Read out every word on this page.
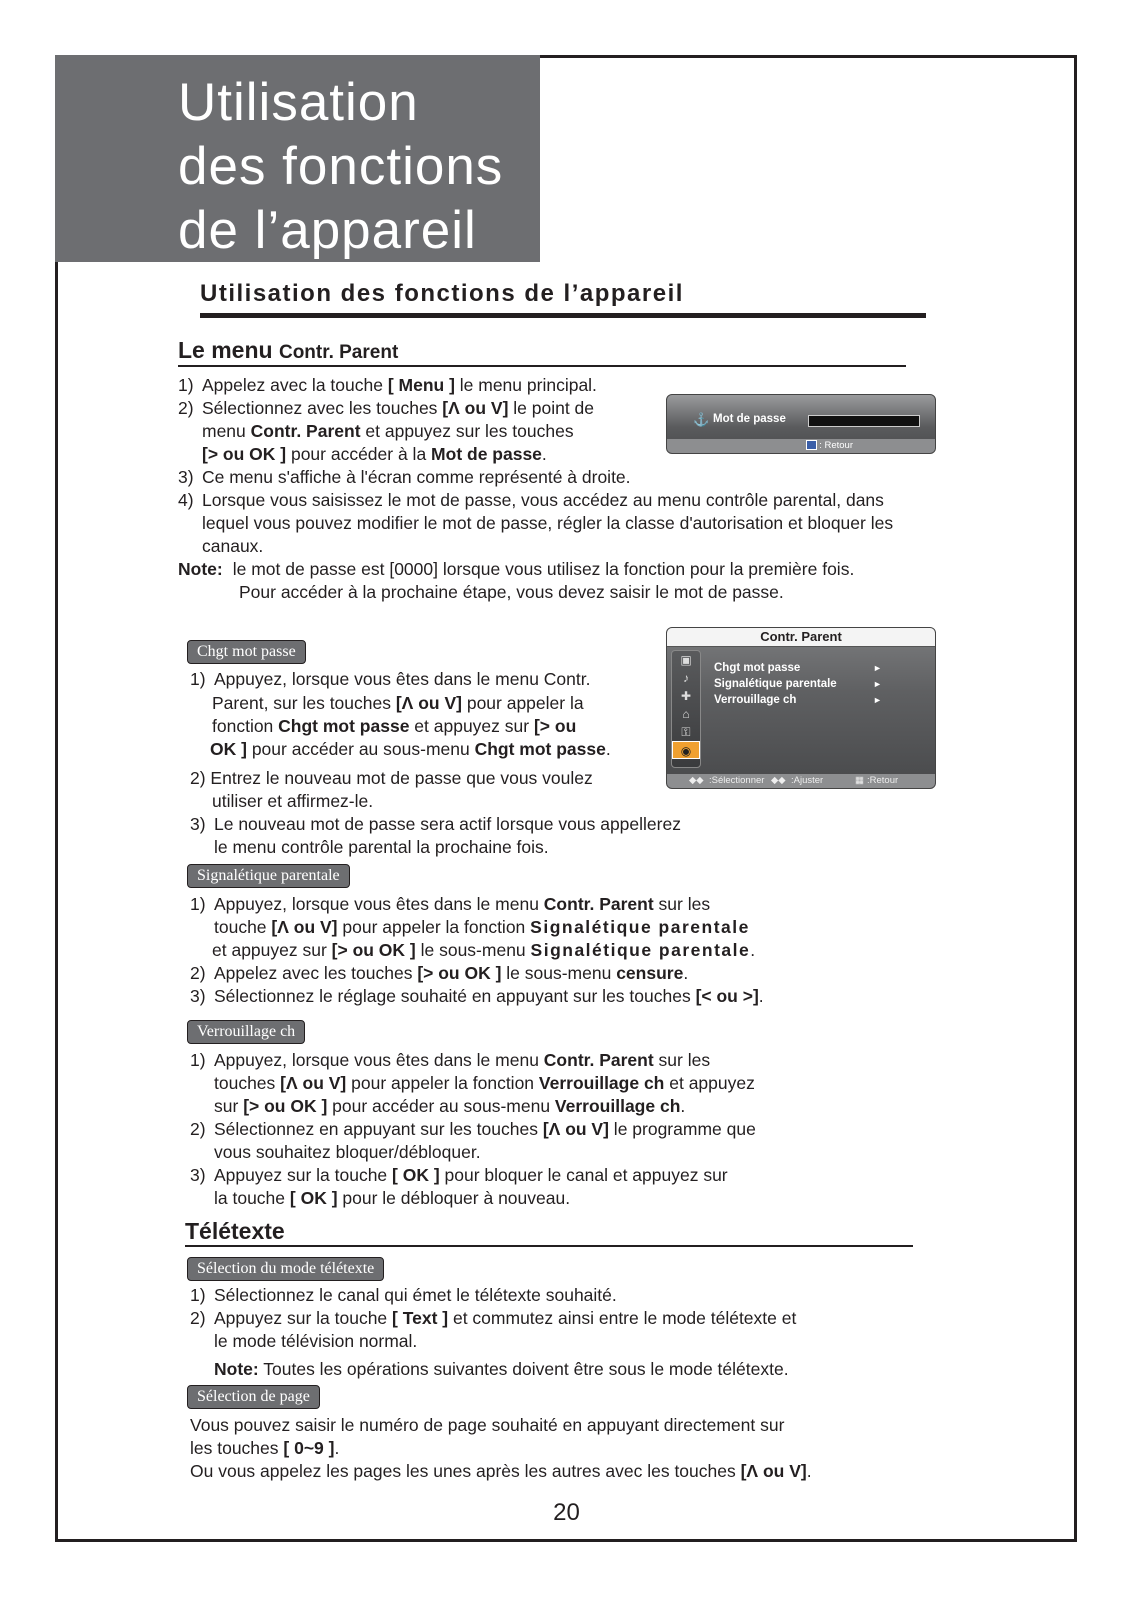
Utilisation
des fonctions
de l’appareil
Utilisation des fonctions de l’appareil
Le menu Contr. Parent
1) Appelez avec la touche [ Menu ] le menu principal.
2) Sélectionnez avec les touches [Λ ou V] le point de
menu Contr. Parent et appuyez sur les touches
[> ou OK ] pour accéder à la Mot de passe.
3) Ce menu s'affiche à l'écran comme représenté à droite.
4) Lorsque vous saisissez le mot de passe, vous accédez au menu contrôle parental, dans
lequel vous pouvez modifier le mot de passe, régler la classe d'autorisation et bloquer les
canaux.
Note: le mot de passe est [0000] lorsque vous utilisez la fonction pour la première fois.
Pour accéder à la prochaine étape, vous devez saisir le mot de passe.
⚓ Mot de passe
: Retour
Chgt mot passe
1) Appuyez, lorsque vous êtes dans le menu Contr.
Parent, sur les touches [Λ ou V] pour appeler la
fonction Chgt mot passe et appuyez sur [> ou
OK ] pour accéder au sous-menu Chgt mot passe.
2) Entrez le nouveau mot de passe que vous voulez
utiliser et affirmez-le.
3) Le nouveau mot de passe sera actif lorsque vous appellerez
le menu contrôle parental la prochaine fois.
Contr. Parent
▣
♪
✚
⌂
⚿
◉
Chgt mot passe	►
Signalétique parentale	►
Verrouillage ch	►
◆◆ :Sélectionner ◆◆ :Ajuster	▦ :Retour
Signalétique parentale
1) Appuyez, lorsque vous êtes dans le menu Contr. Parent sur les
touche [Λ ou V] pour appeler la fonction Signalétique parentale
et appuyez sur [> ou OK ] le sous-menu Signalétique parentale.
2) Appelez avec les touches [> ou OK ] le sous-menu censure.
3) Sélectionnez le réglage souhaité en appuyant sur les touches [< ou >].
Verrouillage ch
1) Appuyez, lorsque vous êtes dans le menu Contr. Parent sur les
touches [Λ ou V] pour appeler la fonction Verrouillage ch et appuyez
sur [> ou OK ] pour accéder au sous-menu Verrouillage ch.
2) Sélectionnez en appuyant sur les touches [Λ ou V] le programme que
vous souhaitez bloquer/débloquer.
3) Appuyez sur la touche [ OK ] pour bloquer le canal et appuyez sur
la touche [ OK ] pour le débloquer à nouveau.
Télétexte
Sélection du mode télétexte
1) Sélectionnez le canal qui émet le télétexte souhaité.
2) Appuyez sur la touche [ Text ] et commutez ainsi entre le mode télétexte et
le mode télévision normal.
Note: Toutes les opérations suivantes doivent être sous le mode télétexte.
Sélection de page
Vous pouvez saisir le numéro de page souhaité en appuyant directement sur
les touches [ 0~9 ].
Ou vous appelez les pages les unes après les autres avec les touches [Λ ou V].
20
